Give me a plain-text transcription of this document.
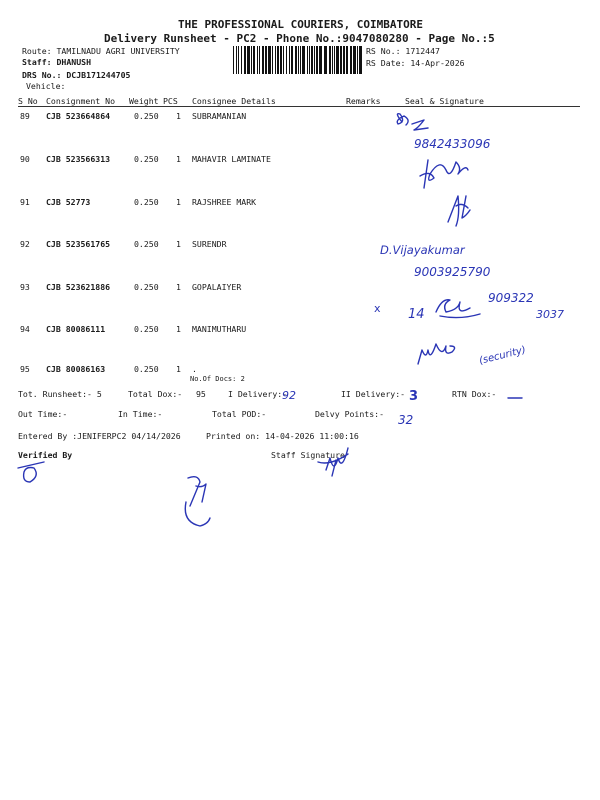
THE PROFESSIONAL COURIERS, COIMBATORE
Delivery Runsheet - PC2 - Phone No.:9047080280 - Page No.:5
Route: TAMILNADU AGRI UNIVERSITY
Staff: DHANUSH
DRS No.: DCJB171244705
Vehicle:
RS No.: 1712447
RS Date: 14-Apr-2026
S No Consignment No Weight PCS Consignee Details	Remarks	Seal & Signature
89 CJB 523664864	0.250 1 SUBRAMANIAN
90 CJB 523566313	0.250 1 MAHAVIR LAMINATE
91 CJB 52773	0.250 1 RAJSHREE MARK
92 CJB 523561765	0.250 1 SURENDR
93 CJB 523621886	0.250 1 GOPALAIYER
94 CJB 80086111	0.250 1 MANIMUTHARU
95 CJB 80086163	0.250 1 .
No.Of Docs: 2
Tot. Runsheet:- 5	Total Dox:- 95	I Delivery:-	II Delivery:-	RTN Dox:-
Out Time:-	In Time:-	Total POD:-	Delvy Points:-
Entered By :JENIFERPC2 04/14/2026	Printed on: 14-04-2026 11:00:16
Verified By	Staff Signature
9842433096
D.Vijayakumar
9003925790
x 14
909322
3037
(security)
92	3
32
